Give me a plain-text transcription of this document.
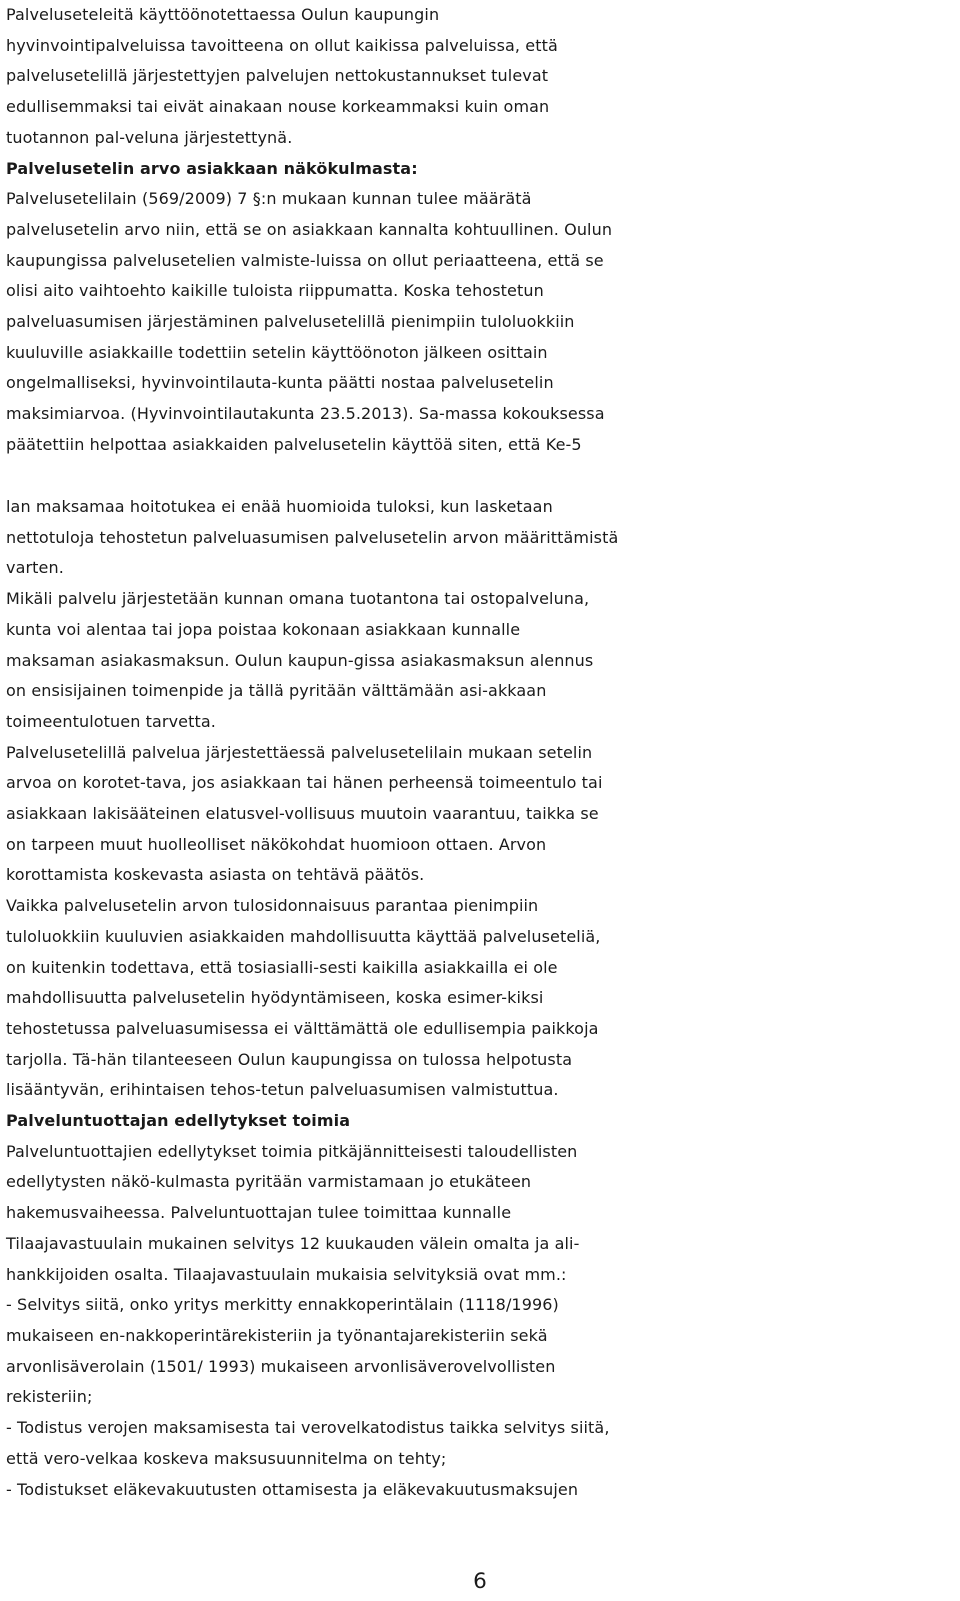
Palveluseteleitä käyttöönotettaessa Oulun kaupungin
hyvinvointipalveluissa tavoitteena on ollut kaikissa palveluissa, että
palvelusetelillä järjestettyjen palvelujen nettokustannukset tulevat
edullisemmaksi tai eivät ainakaan nouse korkeammaksi kuin oman
tuotannon pal-veluna järjestettynä.
Palvelusetelin arvo asiakkaan näkökulmasta:
Palvelusetelilain (569/2009) 7 §:n mukaan kunnan tulee määrätä
palvelusetelin arvo niin, että se on asiakkaan kannalta kohtuullinen. Oulun
kaupungissa palvelusetelien valmiste-luissa on ollut periaatteena, että se
olisi aito vaihtoehto kaikille tuloista riippumatta. Koska tehostetun
palveluasumisen järjestäminen palvelusetelillä pienimpiin tuloluokkiin
kuuluville asiakkaille todettiin setelin käyttöönoton jälkeen osittain
ongelmalliseksi, hyvinvointilauta-kunta päätti nostaa palvelusetelin
maksimiarvoa. (Hyvinvointilautakunta 23.5.2013). Sa-massa kokouksessa
päätettiin helpottaa asiakkaiden palvelusetelin käyttöä siten, että Ke-5
lan maksamaa hoitotukea ei enää huomioida tuloksi, kun lasketaan
nettotuloja tehostetun palveluasumisen palvelusetelin arvon määrittämistä
varten.
Mikäli palvelu järjestetään kunnan omana tuotantona tai ostopalveluna,
kunta voi alentaa tai jopa poistaa kokonaan asiakkaan kunnalle
maksaman asiakasmaksun. Oulun kaupun-gissa asiakasmaksun alennus
on ensisijainen toimenpide ja tällä pyritään välttämään asi-akkaan
toimeentulotuen tarvetta.
Palvelusetelillä palvelua järjestettäessä palvelusetelilain mukaan setelin
arvoa on korotet-tava, jos asiakkaan tai hänen perheensä toimeentulo tai
asiakkaan lakisääteinen elatusvel-vollisuus muutoin vaarantuu, taikka se
on tarpeen muut huolleolliset näkökohdat huomioon ottaen. Arvon
korottamista koskevasta asiasta on tehtävä päätös.
Vaikka palvelusetelin arvon tulosidonnaisuus parantaa pienimpiin
tuloluokkiin kuuluvien asiakkaiden mahdollisuutta käyttää palveluseteliä,
on kuitenkin todettava, että tosiasialli-sesti kaikilla asiakkailla ei ole
mahdollisuutta palvelusetelin hyödyntämiseen, koska esimer-kiksi
tehostetussa palveluasumisessa ei välttämättä ole edullisempia paikkoja
tarjolla. Tä-hän tilanteeseen Oulun kaupungissa on tulossa helpotusta
lisääntyvän, erihintaisen tehos-tetun palveluasumisen valmistuttua.
Palveluntuottajan edellytykset toimia
Palveluntuottajien edellytykset toimia pitkäjännitteisesti taloudellisten
edellytysten näkö-kulmasta pyritään varmistamaan jo etukäteen
hakemusvaiheessa. Palveluntuottajan tulee toimittaa kunnalle
Tilaajavastuulain mukainen selvitys 12 kuukauden välein omalta ja ali-
hankkijoiden osalta. Tilaajavastuulain mukaisia selvityksiä ovat mm.:
- Selvitys siitä, onko yritys merkitty ennakkoperintälain (1118/1996)
mukaiseen en-nakkoperintärekisteriin ja työnantajarekisteriin sekä
arvonlisäverolain (1501/ 1993) mukaiseen arvonlisäverovelvollisten
rekisteriin;
- Todistus verojen maksamisesta tai verovelkatodistus taikka selvitys siitä,
että vero-velkaa koskeva maksusuunnitelma on tehty;
- Todistukset eläkevakuutusten ottamisesta ja eläkevakuutusmaksujen
6
